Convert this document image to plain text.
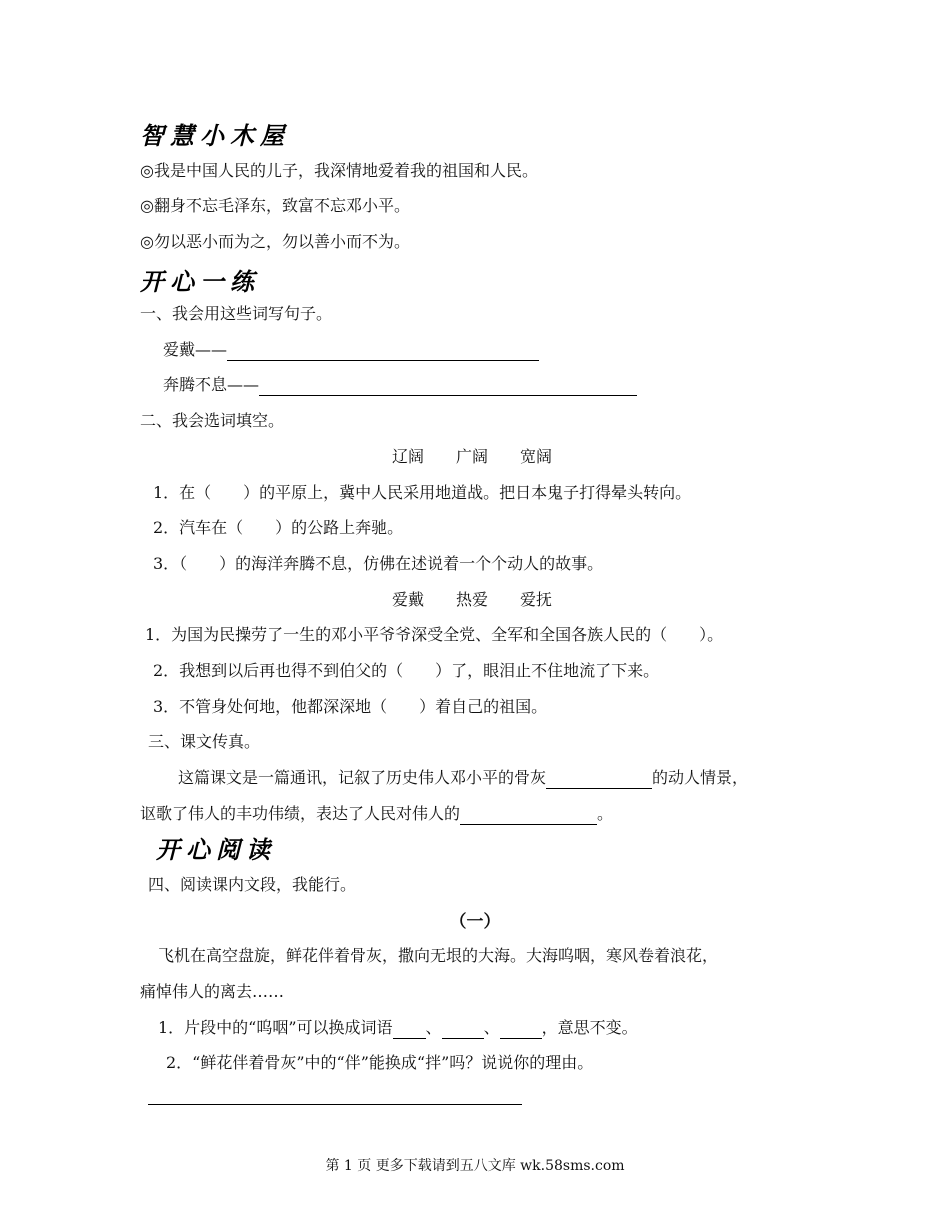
智慧小木屋
◎我是中国人民的儿子，我深情地爱着我的祖国和人民。
◎翻身不忘毛泽东，致富不忘邓小平。
◎勿以恶小而为之，勿以善小而不为。
开心一练
一、我会用这些词写句子。
爱戴——
奔腾不息——
二、我会选词填空。
辽阔　　广阔　　宽阔
1．在（　　）的平原上，冀中人民采用地道战。把日本鬼子打得晕头转向。
2．汽车在（　　）的公路上奔驰。
3．（　　）的海洋奔腾不息，仿佛在述说着一个个动人的故事。
爱戴　　热爱　　爱抚
1．为国为民操劳了一生的邓小平爷爷深受全党、全军和全国各族人民的（　　）。
2．我想到以后再也得不到伯父的（　　）了，眼泪止不住地流了下来。
3．不管身处何地，他都深深地（　　）着自己的祖国。
三、课文传真。
这篇课文是一篇通讯，记叙了历史伟人邓小平的骨灰	的动人情景，
讴歌了伟人的丰功伟绩，表达了人民对伟人的	。
开心阅读
四、阅读课内文段，我能行。
（一）
飞机在高空盘旋，鲜花伴着骨灰，撒向无垠的大海。大海呜咽，寒风卷着浪花，
痛悼伟人的离去……
1．片段中的“呜咽”可以换成词语 、	、	，意思不变。
2．“鲜花伴着骨灰”中的“伴”能换成“拌”吗？说说你的理由。
第 1 页 更多下载请到五八文库 wk.58sms.com
